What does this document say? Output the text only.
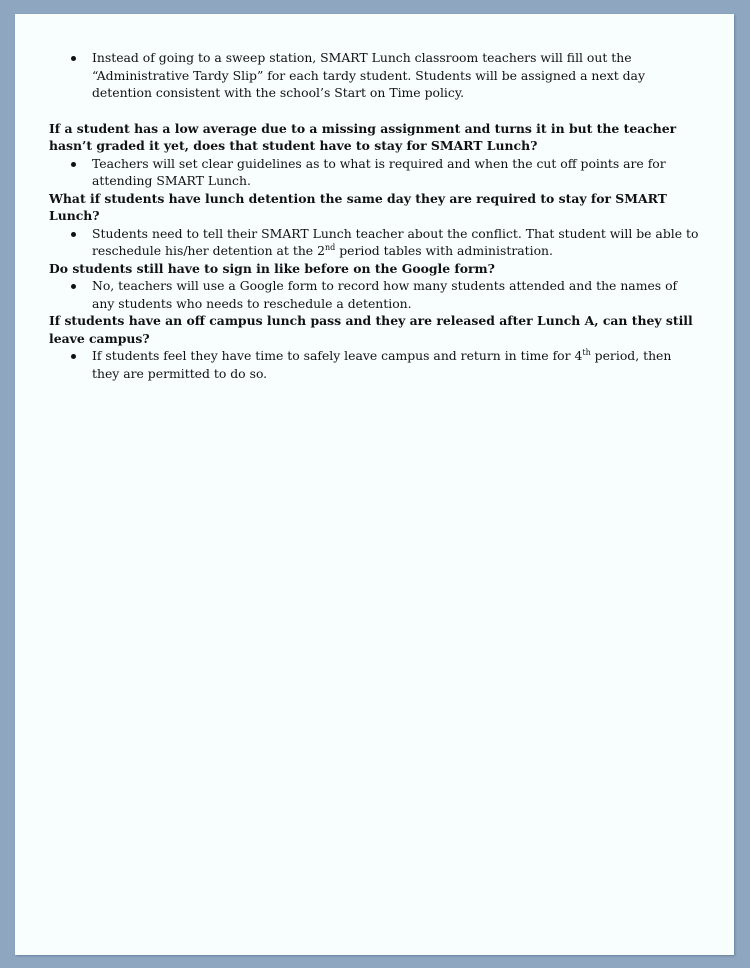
Instead of going to a sweep station, SMART Lunch classroom teachers will fill out the “Administrative Tardy Slip” for each tardy student. Students will be assigned a next day detention consistent with the school’s Start on Time policy.

If a student has a low average due to a missing assignment and turns it in but the teacher hasn’t graded it yet, does that student have to stay for SMART Lunch?

Teachers will set clear guidelines as to what is required and when the cut off points are for attending SMART Lunch.

What if students have lunch detention the same day they are required to stay for SMART Lunch?

Students need to tell their SMART Lunch teacher about the conflict. That student will be able to reschedule his/her detention at the 2nd period tables with administration.

Do students still have to sign in like before on the Google form?

No, teachers will use a Google form to record how many students attended and the names of any students who needs to reschedule a detention.

If students have an off campus lunch pass and they are released after Lunch A, can they still leave campus?

If students feel they have time to safely leave campus and return in time for 4th period, then they are permitted to do so.
